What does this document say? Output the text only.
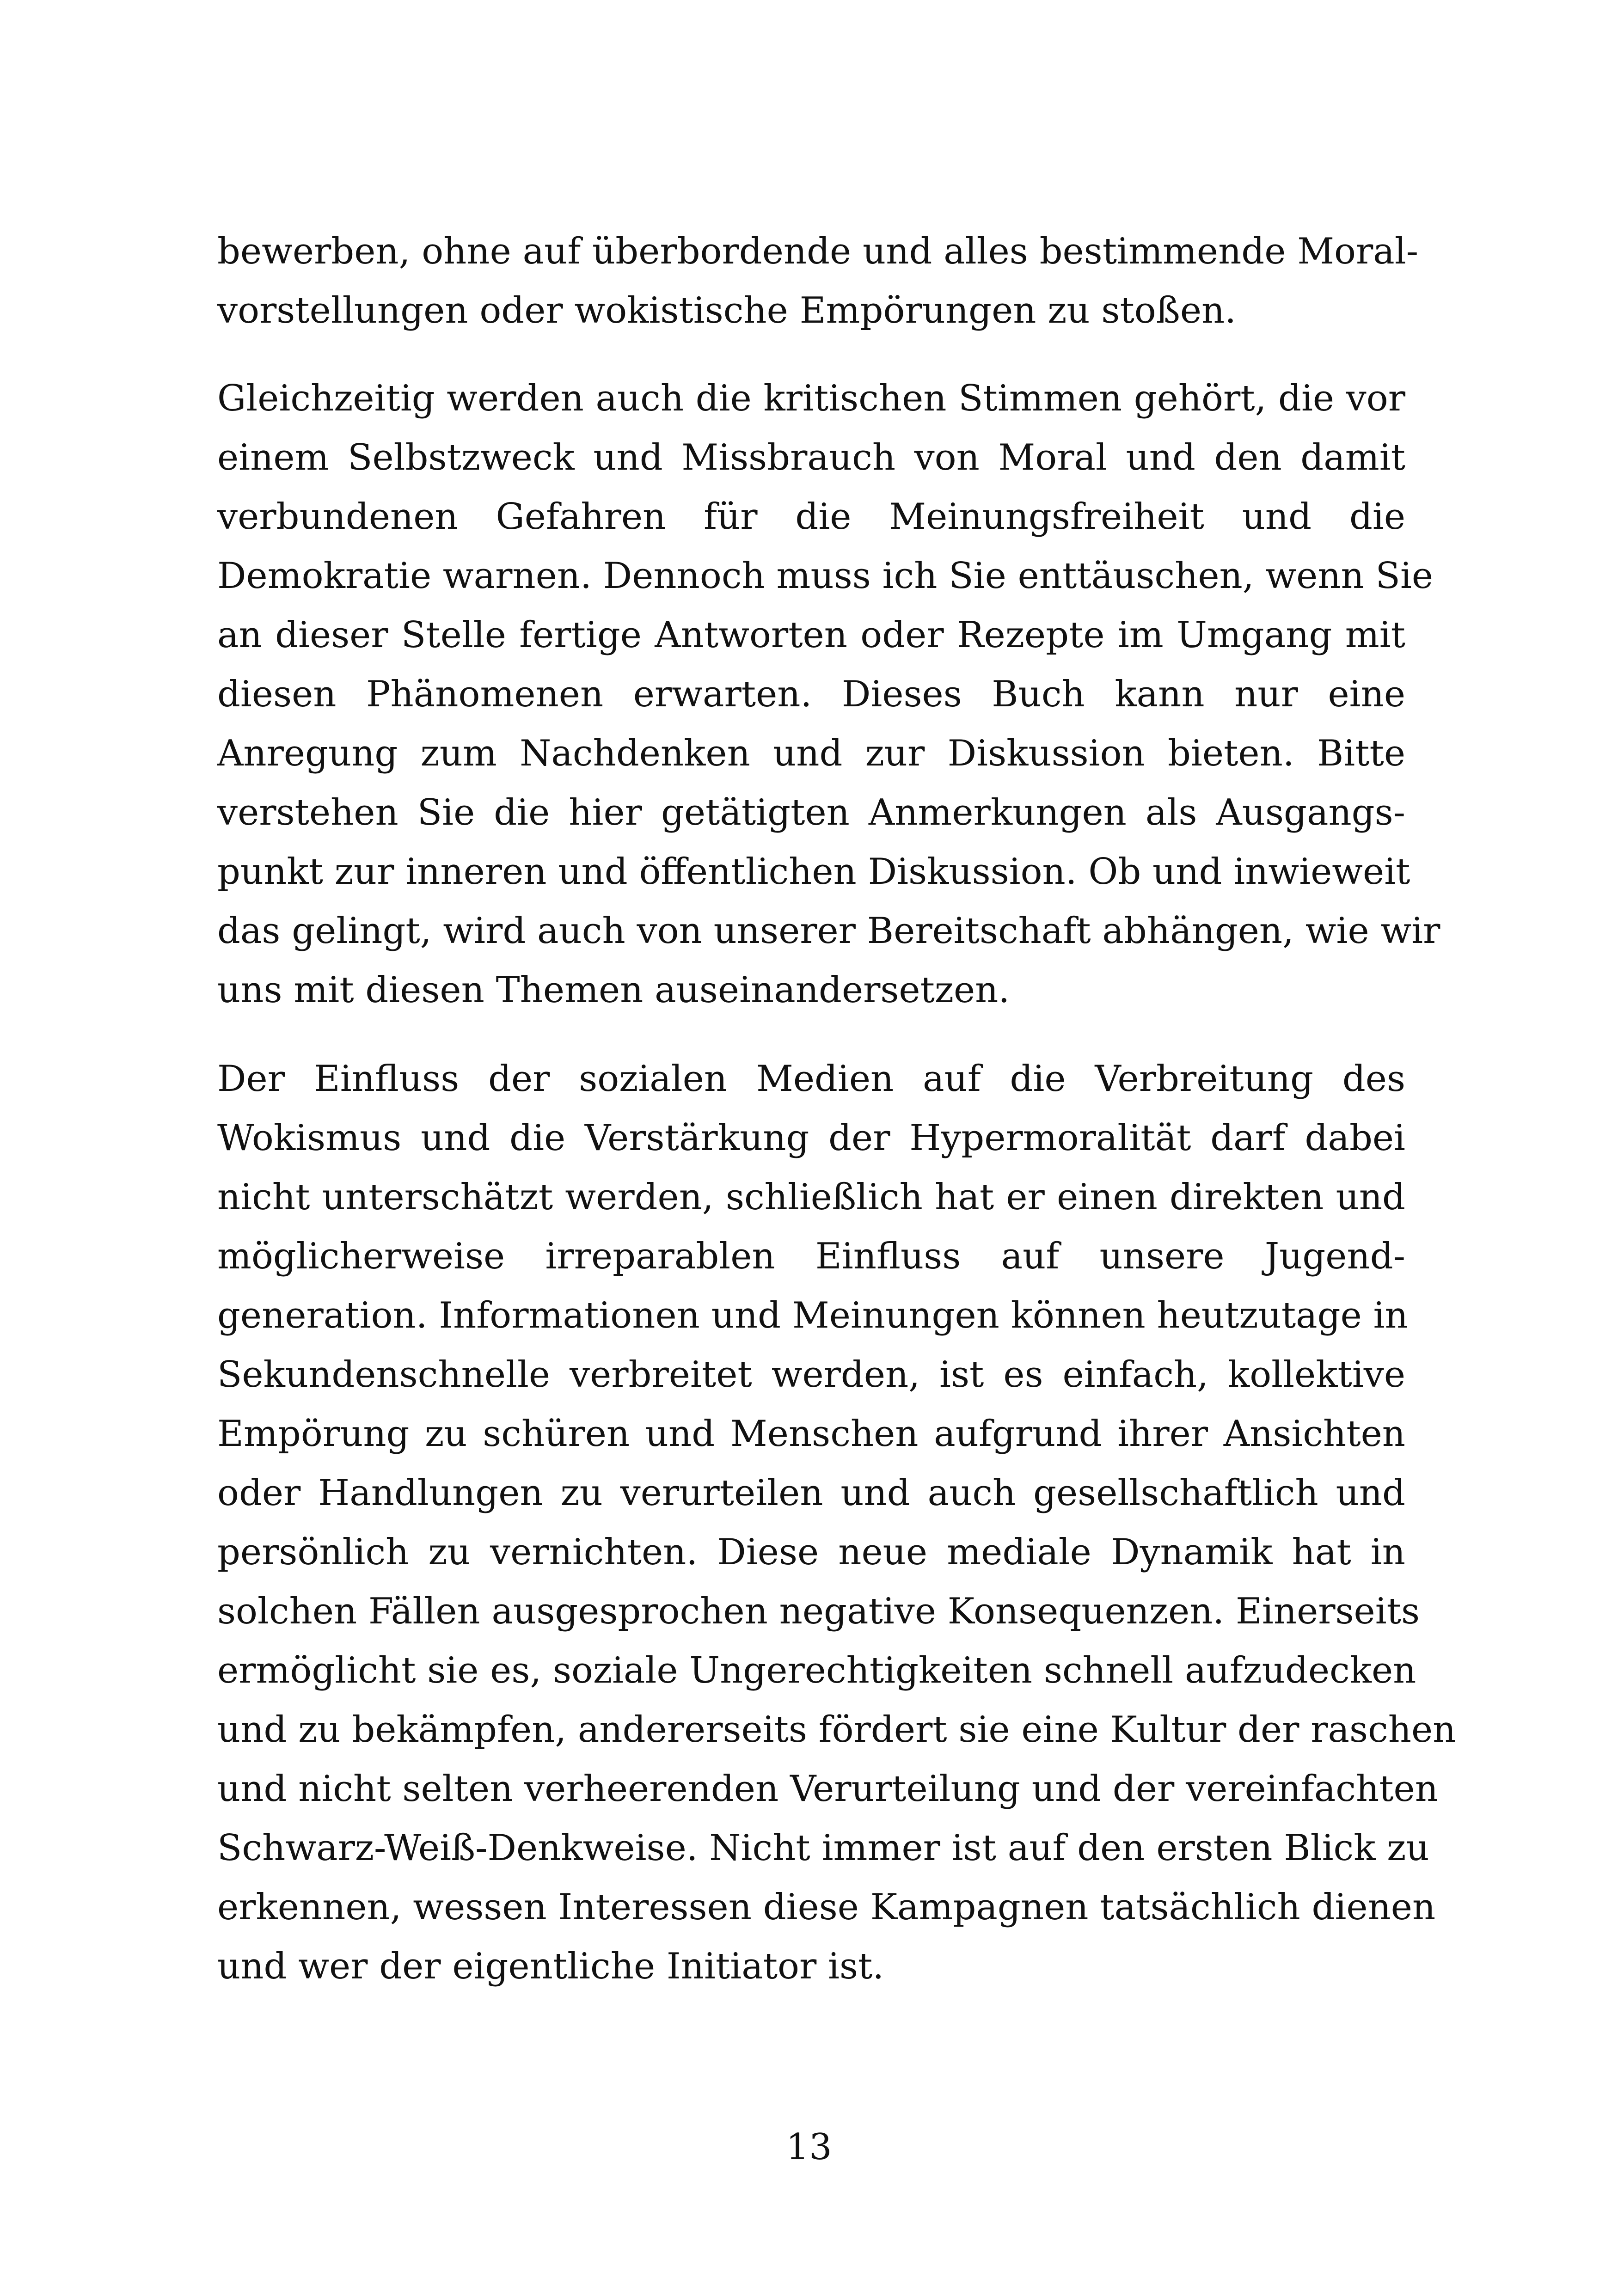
bewerben, ohne auf überbordende und alles bestimmende Moral-
vorstellungen oder wokistische Empörungen zu stoßen.
Gleichzeitig werden auch die kritischen Stimmen gehört, die vor
einem Selbstzweck und Missbrauch von Moral und den damit
verbundenen Gefahren für die Meinungsfreiheit und die
Demokratie warnen. Dennoch muss ich Sie enttäuschen, wenn Sie
an dieser Stelle fertige Antworten oder Rezepte im Umgang mit
diesen Phänomenen erwarten. Dieses Buch kann nur eine
Anregung zum Nachdenken und zur Diskussion bieten. Bitte
verstehen Sie die hier getätigten Anmerkungen als Ausgangs-
punkt zur inneren und öffentlichen Diskussion. Ob und inwieweit
das gelingt, wird auch von unserer Bereitschaft abhängen, wie wir
uns mit diesen Themen auseinandersetzen.
Der Einfluss der sozialen Medien auf die Verbreitung des
Wokismus und die Verstärkung der Hypermoralität darf dabei
nicht unterschätzt werden, schließlich hat er einen direkten und
möglicherweise irreparablen Einfluss auf unsere Jugend-
generation. Informationen und Meinungen können heutzutage in
Sekundenschnelle verbreitet werden, ist es einfach, kollektive
Empörung zu schüren und Menschen aufgrund ihrer Ansichten
oder Handlungen zu verurteilen und auch gesellschaftlich und
persönlich zu vernichten. Diese neue mediale Dynamik hat in
solchen Fällen ausgesprochen negative Konsequenzen. Einerseits
ermöglicht sie es, soziale Ungerechtigkeiten schnell aufzudecken
und zu bekämpfen, andererseits fördert sie eine Kultur der raschen
und nicht selten verheerenden Verurteilung und der vereinfachten
Schwarz-Weiß-Denkweise. Nicht immer ist auf den ersten Blick zu
erkennen, wessen Interessen diese Kampagnen tatsächlich dienen
und wer der eigentliche Initiator ist.
13
